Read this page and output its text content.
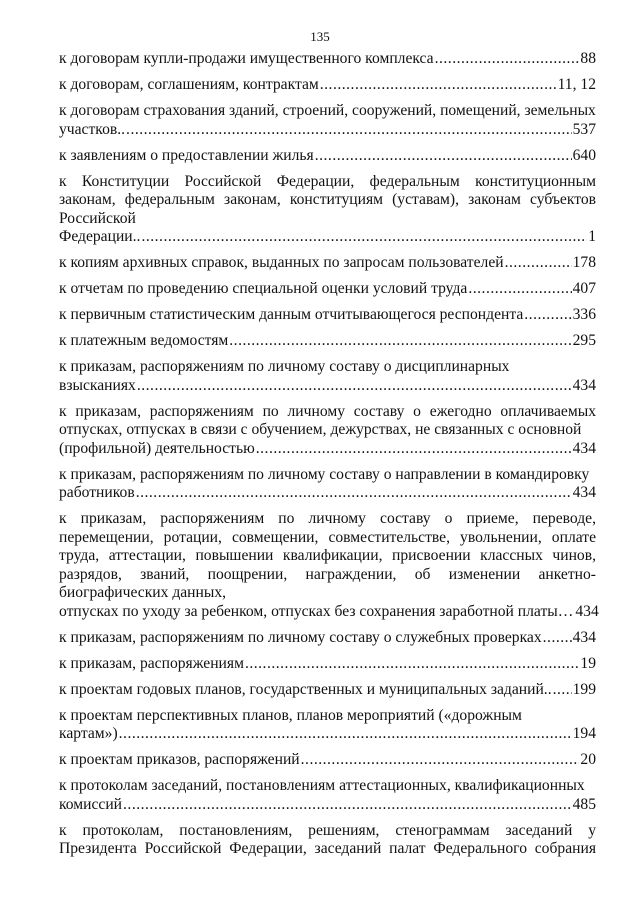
135
к договорам купли-продажи имущественного комплекса .....	88
к договорам, соглашениям, контрактам .....	11, 12
к договорам страхования зданий, строений, сооружений, помещений, земельных
участков.. .....	537
к заявлениям о предоставлении жилья .....	640
к Конституции Российской Федерации, федеральным конституционным законам, федеральным законам, конституциям (уставам), законам субъектов Российской
Федерации.. .....	1
к копиям архивных справок, выданных по запросам пользователей .....	178
к отчетам по проведению специальной оценки условий труда .....	407
к первичным статистическим данным отчитывающегося респондента .....	336
к платежным ведомостям .....	295
к приказам, распоряжениям по личному составу о дисциплинарных
взысканиях .....	434
к приказам, распоряжениям по личному составу о ежегодно оплачиваемых отпусках, отпусках в связи с обучением, дежурствах, не связанных с основной
(профильной) деятельностью .....	434
к приказам, распоряжениям по личному составу о направлении в командировку
работников .....	434
к приказам, распоряжениям по личному составу о приеме, переводе, перемещении, ротации, совмещении, совместительстве, увольнении, оплате труда, аттестации, повышении квалификации, присвоении классных чинов, разрядов, званий, поощрении, награждении, об изменении анкетно-биографических данных,
отпусках по уходу за ребенком, отпусках без сохранения заработной платы… 434
к приказам, распоряжениям по личному составу о служебных проверках ..... 434
к приказам, распоряжениям .....	19
к проектам годовых планов, государственных и муниципальных заданий.. ..... 199
к проектам перспективных планов, планов мероприятий («дорожным
картам») .....	194
к проектам приказов, распоряжений .....	20
к протоколам заседаний, постановлениям аттестационных, квалификационных
комиссий .....	485
к протоколам, постановлениям, решениям, стенограммам заседаний у Президента Российской Федерации, заседаний палат Федерального собрания
